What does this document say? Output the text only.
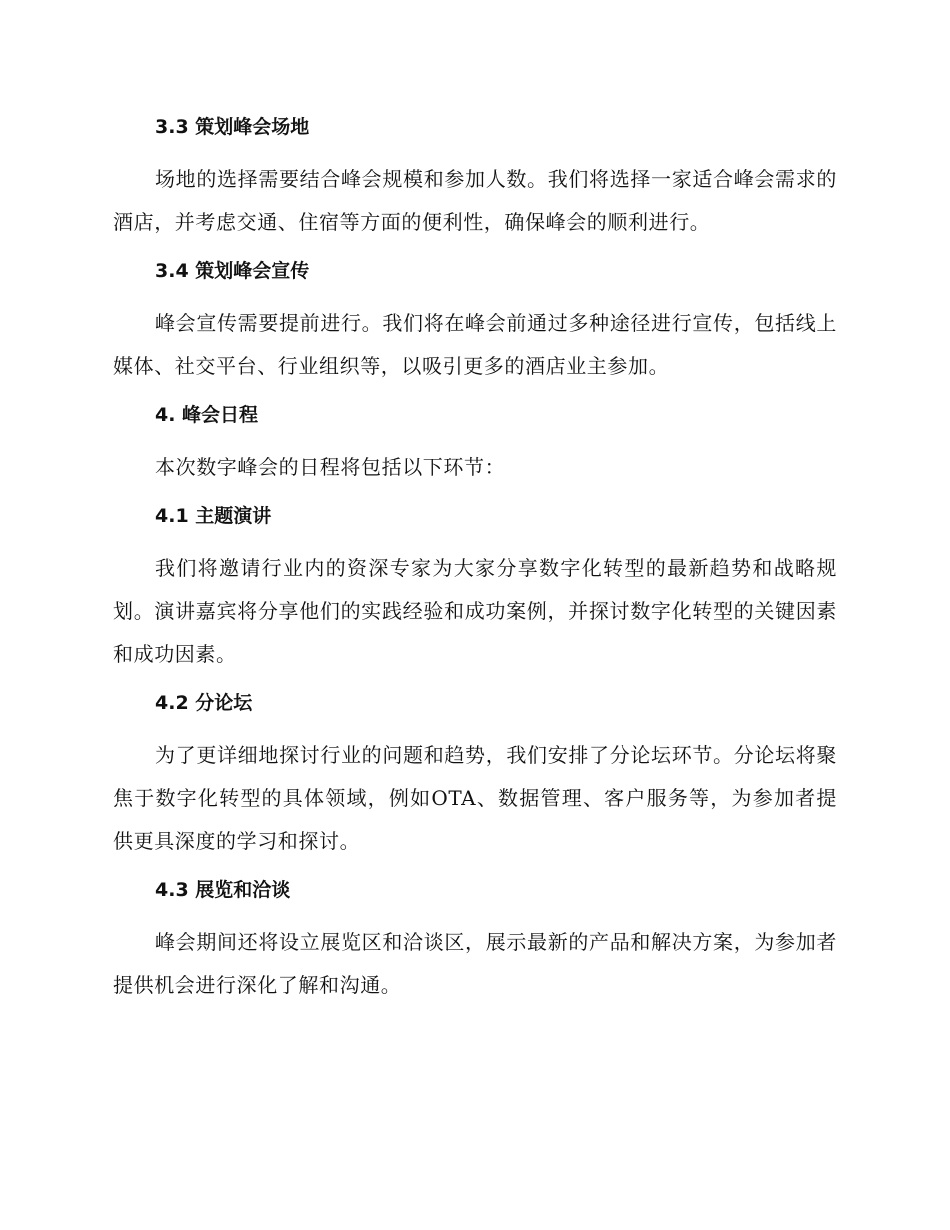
3.3 策划峰会场地

场地的选择需要结合峰会规模和参加人数。我们将选择一家适合峰会需求的酒店，并考虑交通、住宿等方面的便利性，确保峰会的顺利进行。

3.4 策划峰会宣传

峰会宣传需要提前进行。我们将在峰会前通过多种途径进行宣传，包括线上媒体、社交平台、行业组织等，以吸引更多的酒店业主参加。

4. 峰会日程

本次数字峰会的日程将包括以下环节：

4.1 主题演讲

我们将邀请行业内的资深专家为大家分享数字化转型的最新趋势和战略规划。演讲嘉宾将分享他们的实践经验和成功案例，并探讨数字化转型的关键因素和成功因素。

4.2 分论坛

为了更详细地探讨行业的问题和趋势，我们安排了分论坛环节。分论坛将聚焦于数字化转型的具体领域，例如OTA、数据管理、客户服务等，为参加者提供更具深度的学习和探讨。

4.3 展览和洽谈

峰会期间还将设立展览区和洽谈区，展示最新的产品和解决方案，为参加者提供机会进行深化了解和沟通。
